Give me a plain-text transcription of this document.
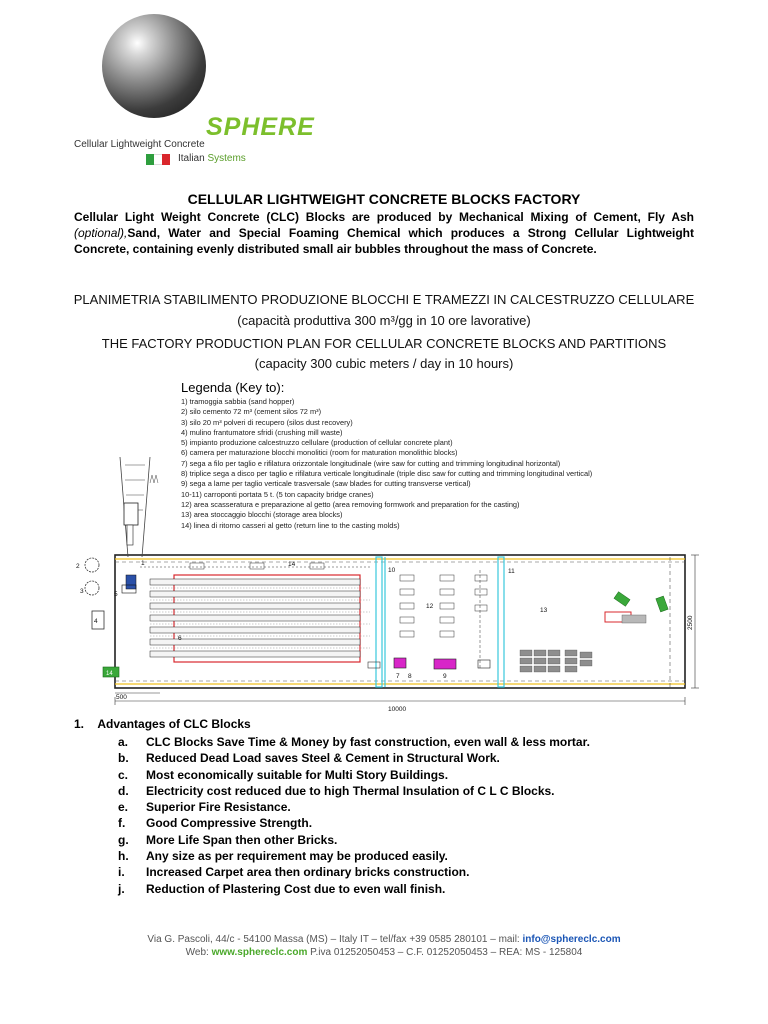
SPHERE
Cellular Lightweight Concrete
Italian Systems
CELLULAR LIGHTWEIGHT CONCRETE BLOCKS FACTORY
Cellular Light Weight Concrete (CLC) Blocks are produced by Mechanical Mixing of Cement, Fly Ash (optional),Sand, Water and Special Foaming Chemical which produces a Strong Cellular Lightweight Concrete, containing evenly distributed small air bubbles throughout the mass of Concrete.
PLANIMETRIA STABILIMENTO PRODUZIONE BLOCCHI E TRAMEZZI IN CALCESTRUZZO CELLULARE
(capacità produttiva 300 m³/gg in 10 ore lavorative)
THE FACTORY PRODUCTION PLAN FOR CELLULAR CONCRETE BLOCKS AND PARTITIONS
(capacity 300 cubic meters / day in 10 hours)
Legenda (Key to):
1) tramoggia sabbia (sand hopper)
2) silo cemento 72 m³ (cement silos 72 m³)
3) silo 20 m³ polveri di recupero (silos dust recovery)
4) mulino frantumatore sfridi (crushing mill waste)
5) impianto produzione calcestruzzo cellulare (production of cellular concrete plant)
6) camera per maturazione blocchi monolitici (room for maturation monolithic blocks)
7) sega a filo per taglio e rifilatura orizzontale longitudinale (wire saw for cutting and trimming longitudinal horizontal)
8) triplice sega a disco per taglio e rifilatura verticale longitudinale (triple disc saw for cutting and trimming longitudinal vertical)
9) sega a lame per taglio verticale trasversale (saw blades for cutting transverse vertical)
10-11) carroponti portata 5 t. (5 ton capacity bridge cranes)
12) area scasseratura e preparazione al getto (area removing formwork and preparation for the casting)
13) area stoccaggio blocchi (storage area blocks)
14) linea di ritorno casseri al getto (return line to the casting molds)
14
1
2
3
4
5
6
7 8	9
10	11
12
13
14
10000
500
2500
1. Advantages of CLC Blocks
a. CLC Blocks Save Time & Money by fast construction, even wall & less mortar.
b. Reduced Dead Load saves Steel & Cement in Structural Work.
c. Most economically suitable for Multi Story Buildings.
d. Electricity cost reduced due to high Thermal Insulation of C L C Blocks.
e. Superior Fire Resistance.
f. Good Compressive Strength.
g. More Life Span then other Bricks.
h. Any size as per requirement may be produced easily.
i. Increased Carpet area then ordinary bricks construction.
j. Reduction of Plastering Cost due to even wall finish.
Via G. Pascoli, 44/c - 54100 Massa (MS) – Italy IT – tel/fax +39 0585 280101 – mail: info@sphereclc.com
Web: www.sphereclc.com P.iva 01252050453 – C.F. 01252050453 – REA: MS - 125804
